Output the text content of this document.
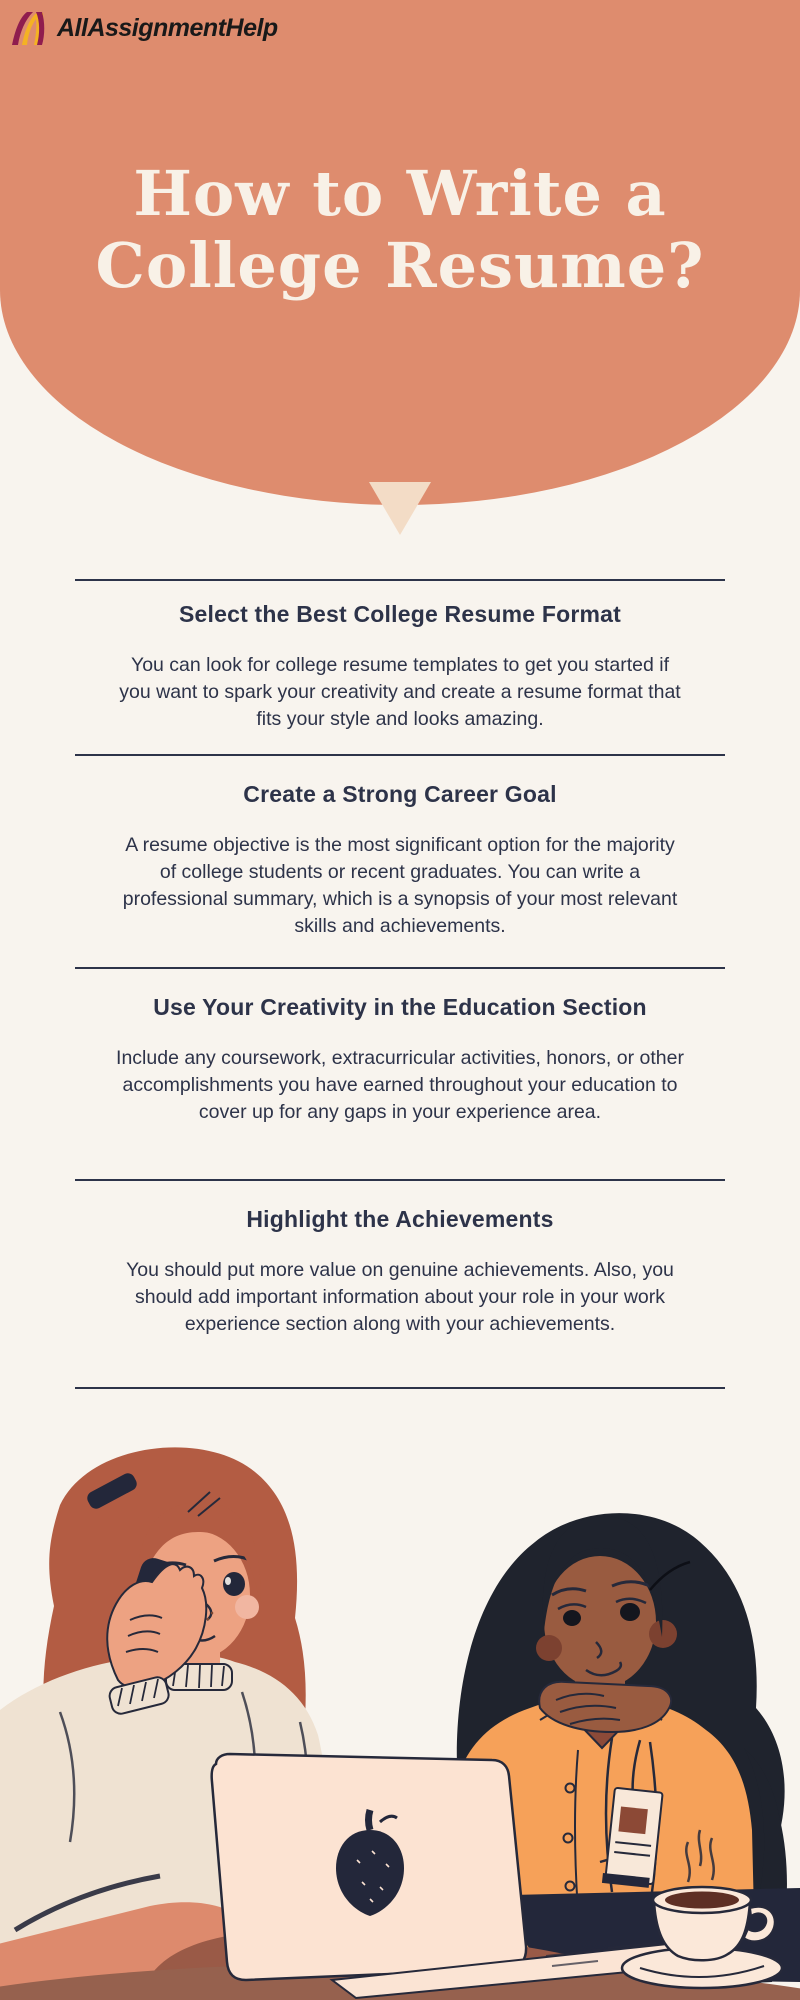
AllAssignmentHelp
How to Write a
College Resume?
Select the Best College Resume Format

You can look for college resume templates to get you started if you want to spark your creativity and create a resume format that fits your style and looks amazing.

Create a Strong Career Goal

A resume objective is the most significant option for the majority of college students or recent graduates. You can write a professional summary, which is a synopsis of your most relevant skills and achievements.

Use Your Creativity in the Education Section

Include any coursework, extracurricular activities, honors, or other accomplishments you have earned throughout your education to cover up for any gaps in your experience area.

Highlight the Achievements

You should put more value on genuine achievements. Also, you should add important information about your role in your work experience section along with your achievements.
